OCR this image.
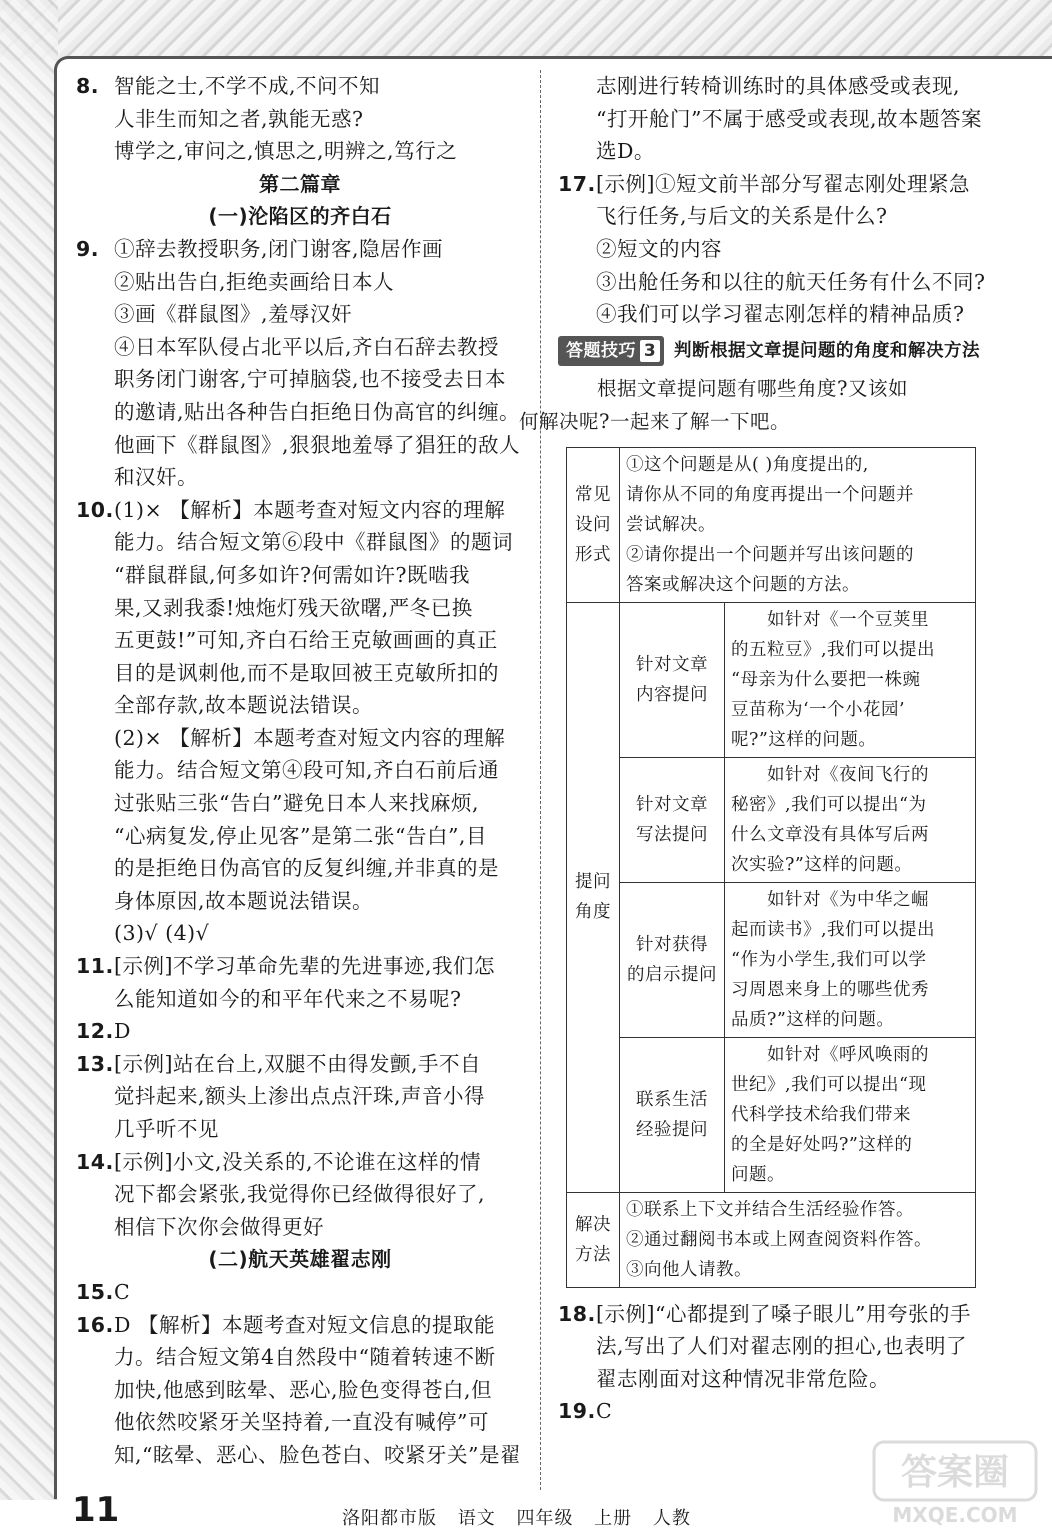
8. 智能之士,不学不成,不问不知
人非生而知之者,孰能无惑?
博学之,审问之,慎思之,明辨之,笃行之
第二篇章
(一)沦陷区的齐白石
9. ①辞去教授职务,闭门谢客,隐居作画
②贴出告白,拒绝卖画给日本人
③画《群鼠图》,羞辱汉奸
④日本军队侵占北平以后,齐白石辞去教授
职务闭门谢客,宁可掉脑袋,也不接受去日本
的邀请,贴出各种告白拒绝日伪高官的纠缠。
他画下《群鼠图》,狠狠地羞辱了猖狂的敌人
和汉奸。
10. (1)× 【解析】本题考查对短文内容的理解
能力。结合短文第⑥段中《群鼠图》的题词
“群鼠群鼠,何多如许?何需如许?既啮我
果,又剥我黍!烛炧灯残天欲曙,严冬已换
五更鼓!”可知,齐白石给王克敏画画的真正
目的是讽刺他,而不是取回被王克敏所扣的
全部存款,故本题说法错误。
(2)× 【解析】本题考查对短文内容的理解
能力。结合短文第④段可知,齐白石前后通
过张贴三张“告白”避免日本人来找麻烦,
“心病复发,停止见客”是第二张“告白”,目
的是拒绝日伪高官的反复纠缠,并非真的是
身体原因,故本题说法错误。
(3)√ (4)√
11. [示例]不学习革命先辈的先进事迹,我们怎
么能知道如今的和平年代来之不易呢?
12. D
13. [示例]站在台上,双腿不由得发颤,手不自
觉抖起来,额头上渗出点点汗珠,声音小得
几乎听不见
14. [示例]小文,没关系的,不论谁在这样的情
况下都会紧张,我觉得你已经做得很好了,
相信下次你会做得更好
(二)航天英雄翟志刚
15. C
16. D 【解析】本题考查对短文信息的提取能
力。结合短文第4自然段中“随着转速不断
加快,他感到眩晕、恶心,脸色变得苍白,但
他依然咬紧牙关坚持着,一直没有喊停”可
知,“眩晕、恶心、脸色苍白、咬紧牙关”是翟
志刚进行转椅训练时的具体感受或表现,
“打开舱门”不属于感受或表现,故本题答案
选D。
17. [示例]①短文前半部分写翟志刚处理紧急
飞行任务,与后文的关系是什么?
②短文的内容
③出舱任务和以往的航天任务有什么不同?
④我们可以学习翟志刚怎样的精神品质?
答题技巧 3 判断根据文章提问题的角度和解决方法
根据文章提问题有哪些角度?又该如
何解决呢?一起来了解一下吧。
常见
设问
形式	①这个问题是从( )角度提出的,
请你从不同的角度再提出一个问题并
尝试解决。
②请你提出一个问题并写出该问题的
答案或解决这个问题的方法。	

提问
角度	针对文章
内容提问	　　如针对《一个豆荚里
的五粒豆》,我们可以提出
“母亲为什么要把一株豌
豆苗称为‘一个小花园’
呢?”这样的问题。

	针对文章
写法提问	　　如针对《夜间飞行的
秘密》,我们可以提出“为
什么文章没有具体写后两
次实验?”这样的问题。

	针对获得
的启示提问	　　如针对《为中华之崛
起而读书》,我们可以提出
“作为小学生,我们可以学
习周恩来身上的哪些优秀
品质?”这样的问题。

	联系生活
经验提问	　　如针对《呼风唤雨的
世纪》,我们可以提出“现
代科学技术给我们带来
的全是好处吗?”这样的
问题。

解决
方法	①联系上下文并结合生活经验作答。
②通过翻阅书本或上网查阅资料作答。
③向他人请教。	
18. [示例]“心都提到了嗓子眼儿”用夸张的手
法,写出了人们对翟志刚的担心,也表明了
翟志刚面对这种情况非常危险。
19. C
11	洛阳都市版 语文 四年级 上册 人教
答案圈
MXQE.COM
